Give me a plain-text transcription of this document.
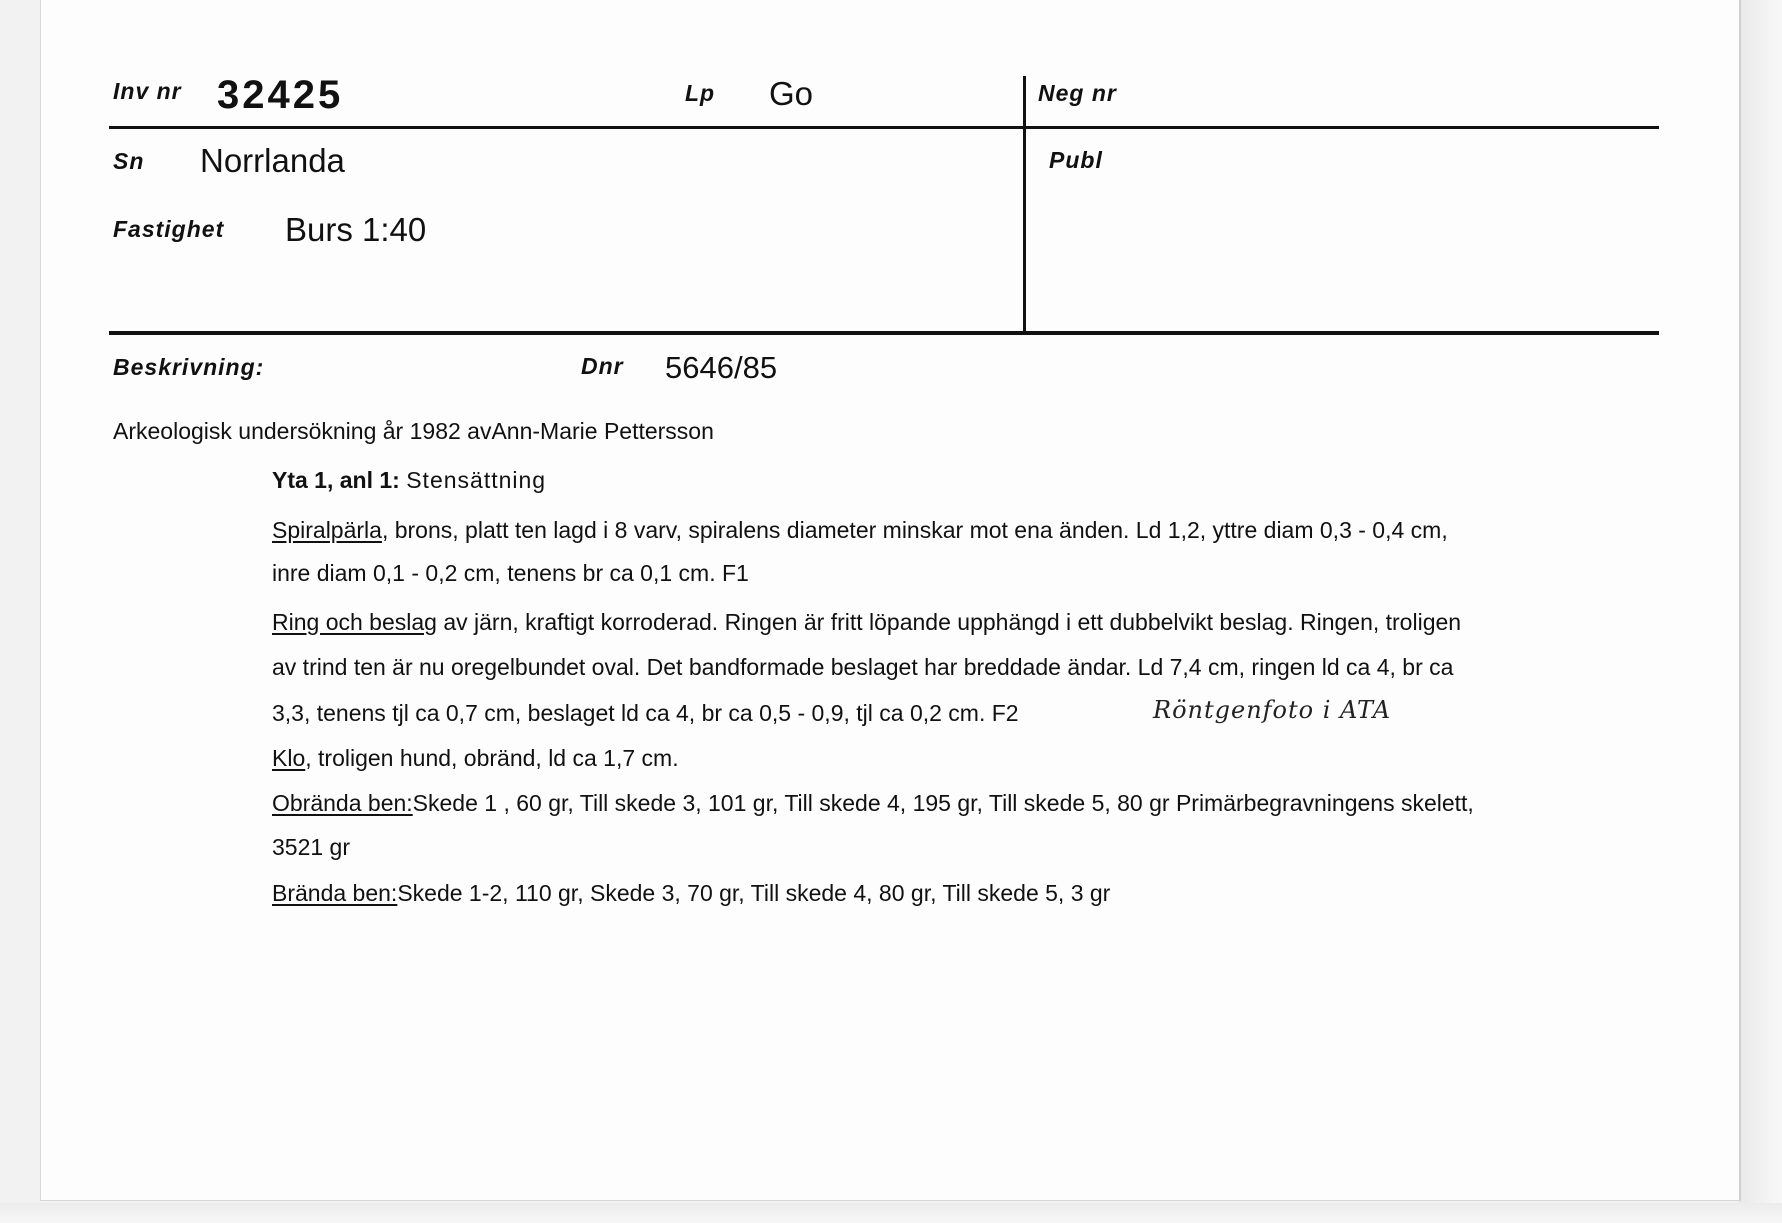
Inv nr 32425	Lp Go	Neg nr
Sn Norrlanda	Publ
Fastighet Burs 1:40
Beskrivning:	Dnr 5646/85
Arkeologisk undersökning år 1982 avAnn-Marie Pettersson
Yta 1, anl 1: Stensättning
Spiralpärla, brons, platt ten lagd i 8 varv, spiralens diameter minskar mot ena änden. Ld 1,2, yttre diam 0,3 - 0,4 cm,
inre diam 0,1 - 0,2 cm, tenens br ca 0,1 cm. F1
Ring och beslag av järn, kraftigt korroderad. Ringen är fritt löpande upphängd i ett dubbelvikt beslag. Ringen, troligen
av trind ten är nu oregelbundet oval. Det bandformade beslaget har breddade ändar. Ld 7,4 cm, ringen ld ca 4, br ca
3,3, tenens tjl ca 0,7 cm, beslaget ld ca 4, br ca 0,5 - 0,9, tjl ca 0,2 cm. F2	Röntgenfoto i ATA
Klo, troligen hund, obränd, ld ca 1,7 cm.
Obrända ben:Skede 1 , 60 gr, Till skede 3, 101 gr, Till skede 4, 195 gr, Till skede 5, 80 gr Primärbegravningens skelett,
3521 gr
Brända ben:Skede 1-2, 110 gr, Skede 3, 70 gr, Till skede 4, 80 gr, Till skede 5, 3 gr
